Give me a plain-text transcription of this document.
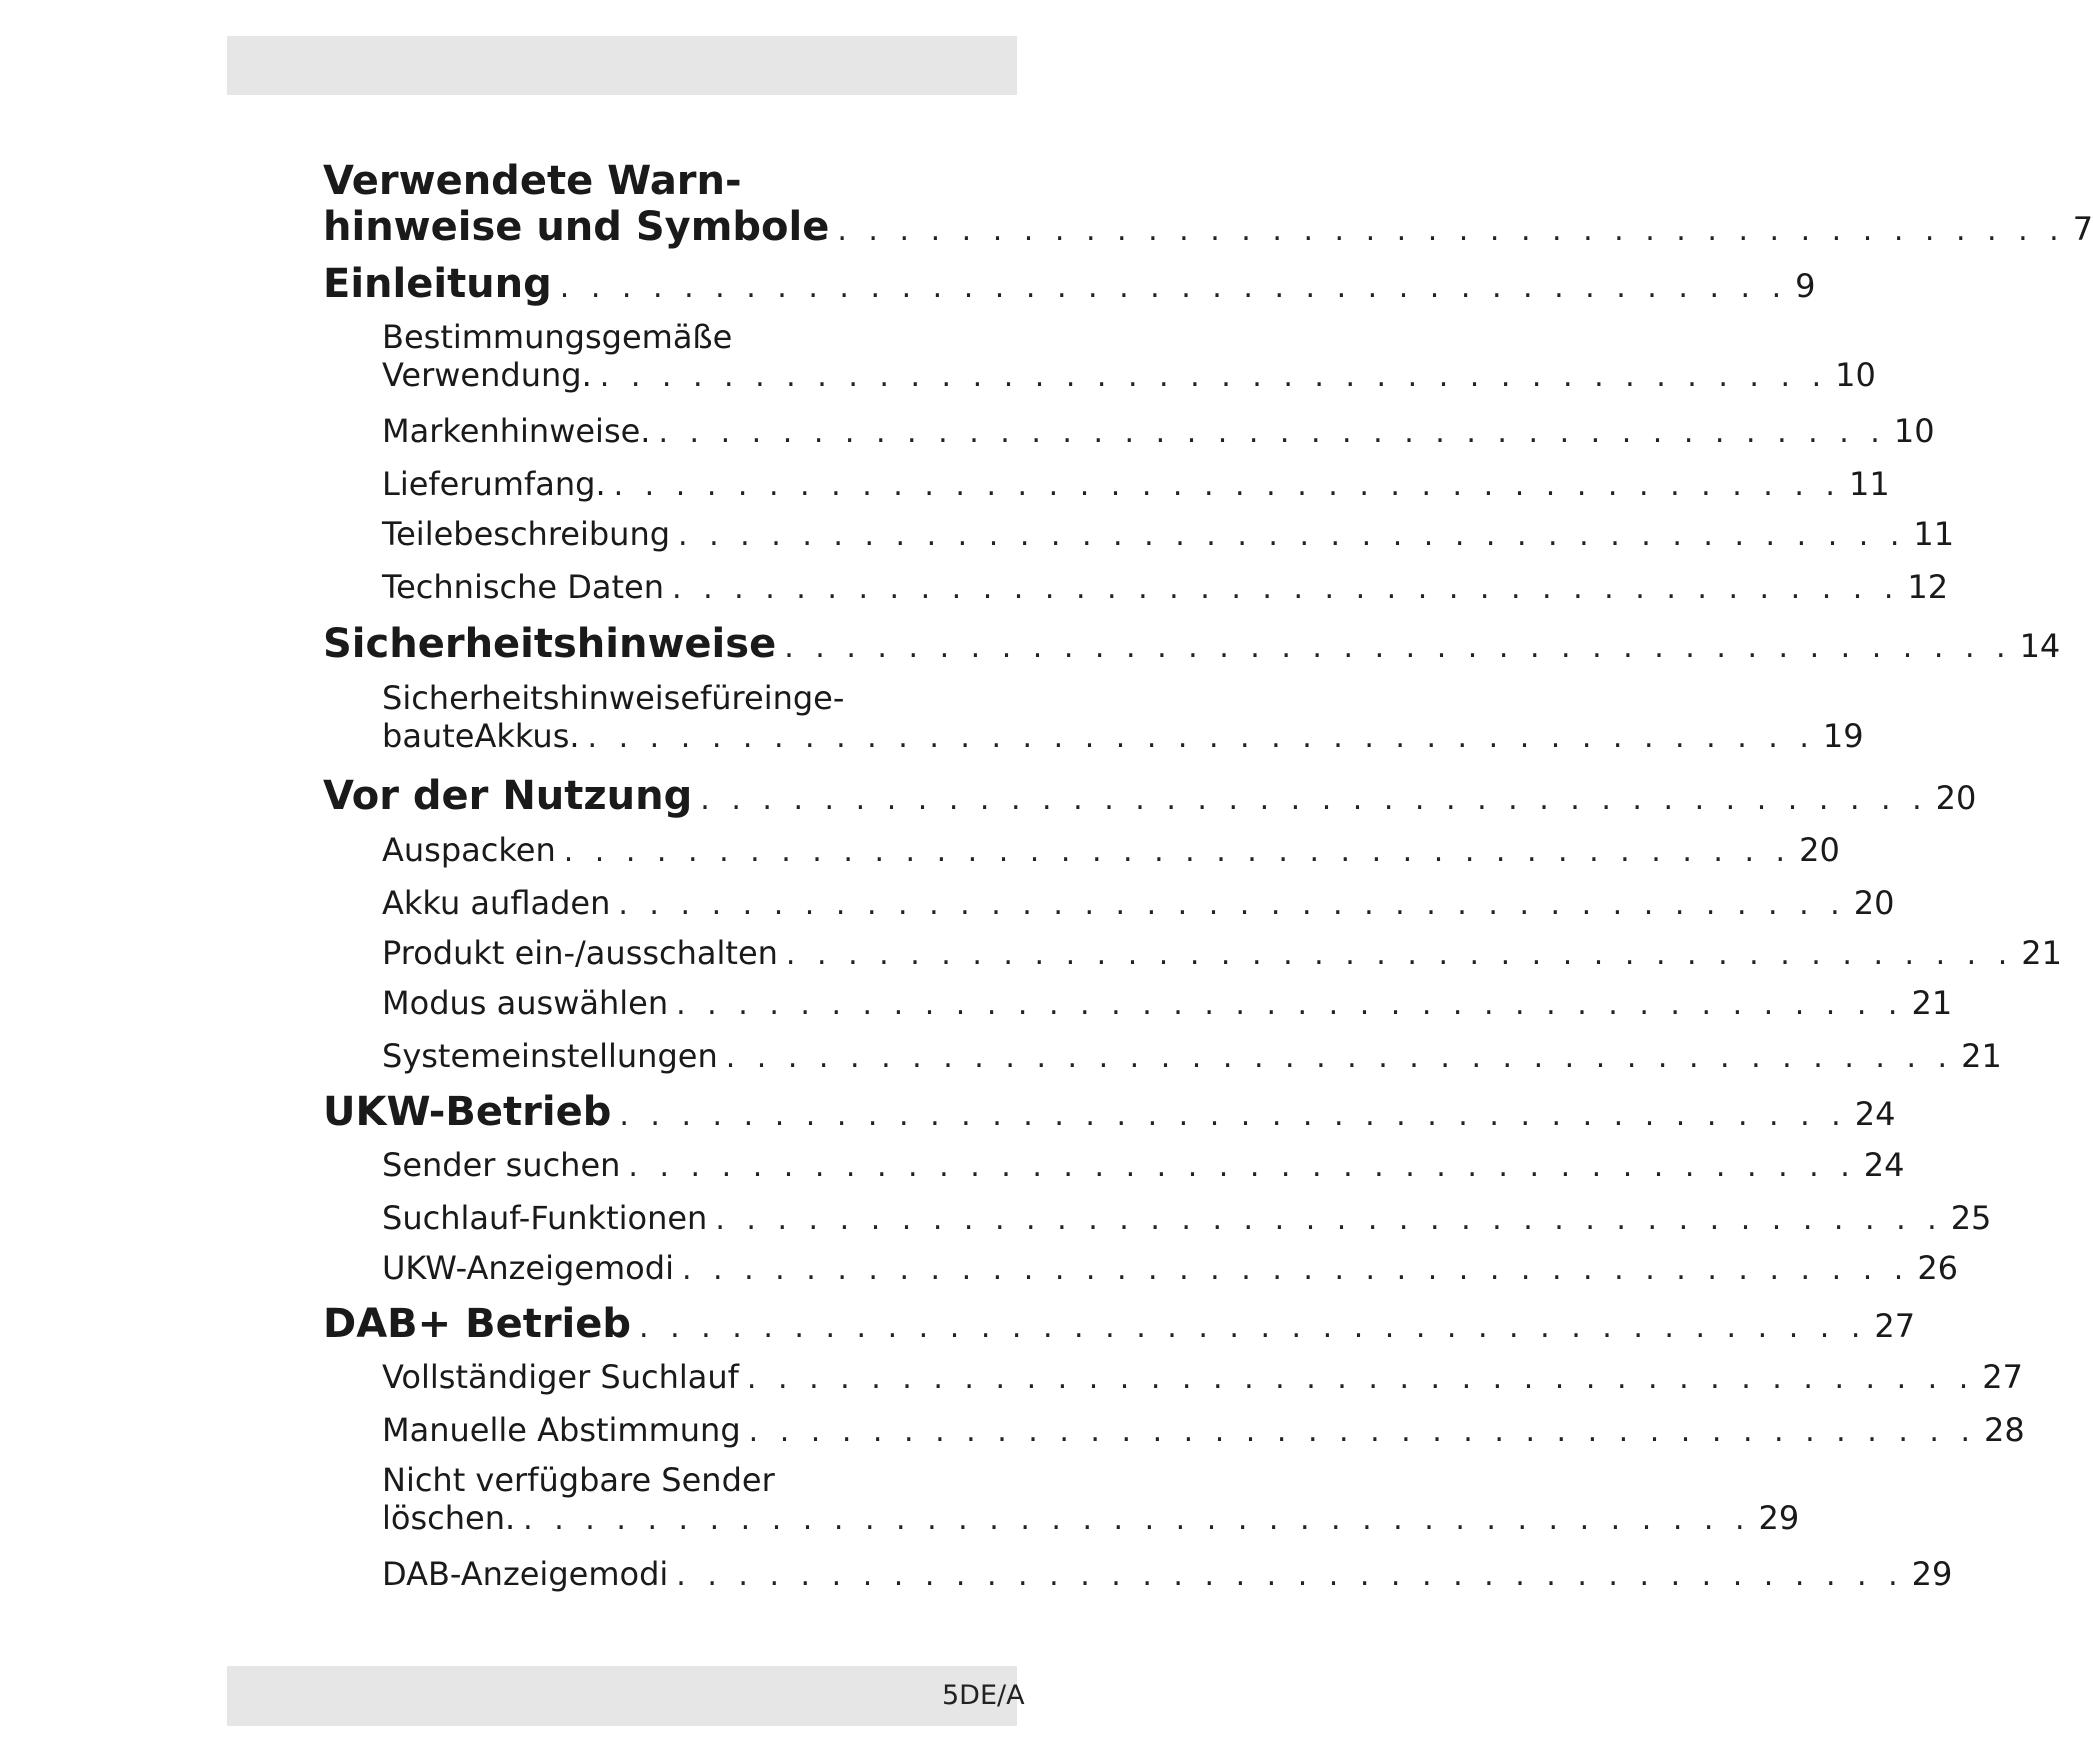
Verwendete Warn-
hinweise und Symbole . . . . . . . . . . . . . . . . . . . . . . . . . . . . . . . . . . . . . . . . 7
Einleitung . . . . . . . . . . . . . . . . . . . . . . . . . . . . . . . . . . . . . . . . 9
Bestimmungsgemäße
Verwendung. . . . . . . . . . . . . . . . . . . . . . . . . . . . . . . . . . . . . . . . . 10
Markenhinweise. . . . . . . . . . . . . . . . . . . . . . . . . . . . . . . . . . . . . . . . . 10
Lieferumfang. . . . . . . . . . . . . . . . . . . . . . . . . . . . . . . . . . . . . . . . . 11
Teilebeschreibung . . . . . . . . . . . . . . . . . . . . . . . . . . . . . . . . . . . . . . . . 11
Technische Daten . . . . . . . . . . . . . . . . . . . . . . . . . . . . . . . . . . . . . . . . 12
Sicherheitshinweise . . . . . . . . . . . . . . . . . . . . . . . . . . . . . . . . . . . . . . . . 14
Sicherheitshinweisefüreinge-
bauteAkkus. . . . . . . . . . . . . . . . . . . . . . . . . . . . . . . . . . . . . . . . . 19
Vor der Nutzung . . . . . . . . . . . . . . . . . . . . . . . . . . . . . . . . . . . . . . . . 20
Auspacken . . . . . . . . . . . . . . . . . . . . . . . . . . . . . . . . . . . . . . . . 20
Akku aufladen . . . . . . . . . . . . . . . . . . . . . . . . . . . . . . . . . . . . . . . . 20
Produkt ein-/ausschalten . . . . . . . . . . . . . . . . . . . . . . . . . . . . . . . . . . . . . . . . 21
Modus auswählen . . . . . . . . . . . . . . . . . . . . . . . . . . . . . . . . . . . . . . . . 21
Systemeinstellungen . . . . . . . . . . . . . . . . . . . . . . . . . . . . . . . . . . . . . . . . 21
UKW-Betrieb . . . . . . . . . . . . . . . . . . . . . . . . . . . . . . . . . . . . . . . . 24
Sender suchen . . . . . . . . . . . . . . . . . . . . . . . . . . . . . . . . . . . . . . . . 24
Suchlauf-Funktionen . . . . . . . . . . . . . . . . . . . . . . . . . . . . . . . . . . . . . . . . 25
UKW-Anzeigemodi . . . . . . . . . . . . . . . . . . . . . . . . . . . . . . . . . . . . . . . . 26
DAB+ Betrieb . . . . . . . . . . . . . . . . . . . . . . . . . . . . . . . . . . . . . . . . 27
Vollständiger Suchlauf . . . . . . . . . . . . . . . . . . . . . . . . . . . . . . . . . . . . . . . . 27
Manuelle Abstimmung . . . . . . . . . . . . . . . . . . . . . . . . . . . . . . . . . . . . . . . . 28
Nicht verfügbare Sender
löschen. . . . . . . . . . . . . . . . . . . . . . . . . . . . . . . . . . . . . . . . . 29
DAB-Anzeigemodi . . . . . . . . . . . . . . . . . . . . . . . . . . . . . . . . . . . . . . . . 29
5DE/A
